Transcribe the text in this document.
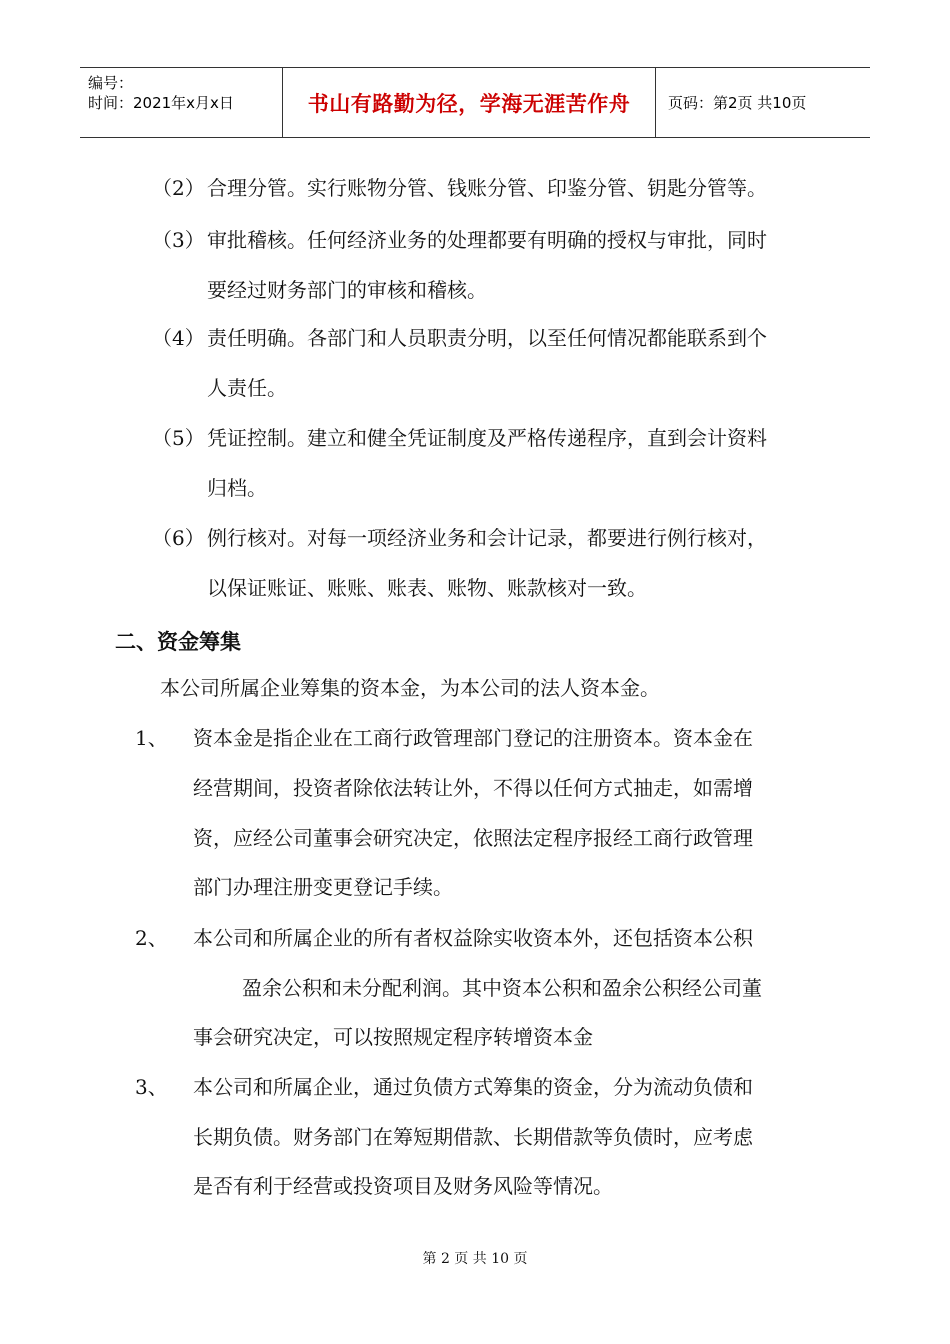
编号：
时间：2021年x月x日	书山有路勤为径，学海无涯苦作舟	页码：第2页 共10页
（2） 合理分管。实行账物分管、钱账分管、印鉴分管、钥匙分管等。
（3） 审批稽核。任何经济业务的处理都要有明确的授权与审批，同时
要经过财务部门的审核和稽核。
（4） 责任明确。各部门和人员职责分明，以至任何情况都能联系到个
人责任。
（5） 凭证控制。建立和健全凭证制度及严格传递程序，直到会计资料
归档。
（6） 例行核对。对每一项经济业务和会计记录，都要进行例行核对，
以保证账证、账账、账表、账物、账款核对一致。
二、资金筹集
本公司所属企业筹集的资本金，为本公司的法人资本金。
1、 资本金是指企业在工商行政管理部门登记的注册资本。资本金在
经营期间，投资者除依法转让外，不得以任何方式抽走，如需增
资，应经公司董事会研究决定，依照法定程序报经工商行政管理
部门办理注册变更登记手续。
2、 本公司和所属企业的所有者权益除实收资本外，还包括资本公积
盈余公积和未分配利润。其中资本公积和盈余公积经公司董
事会研究决定，可以按照规定程序转增资本金
3、 本公司和所属企业，通过负债方式筹集的资金，分为流动负债和
长期负债。财务部门在筹短期借款、长期借款等负债时，应考虑
是否有利于经营或投资项目及财务风险等情况。
第 2 页 共 10 页
